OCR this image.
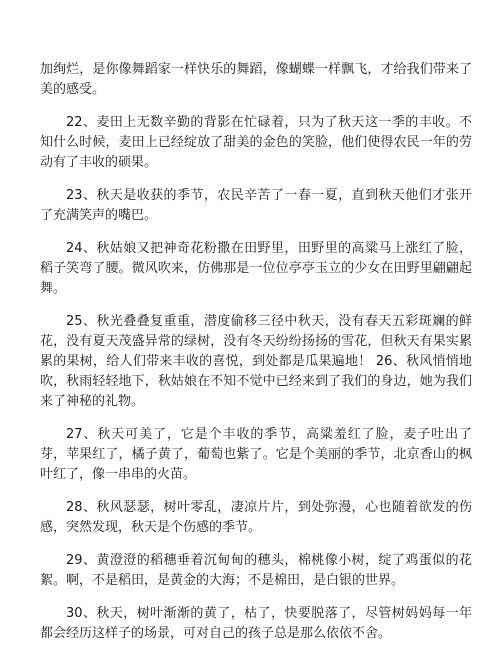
加绚烂，是你像舞蹈家一样快乐的舞蹈，像蝴蝶一样飘飞，才给我们带来了美的感受。

22、麦田上无数辛勤的背影在忙碌着，只为了秋天这一季的丰收。不知什么时候，麦田上已经绽放了甜美的金色的笑脸，他们使得农民一年的劳动有了丰收的硕果。

23、秋天是收获的季节，农民辛苦了一春一夏，直到秋天他们才张开了充满笑声的嘴巴。

24、秋姑娘又把神奇花粉撒在田野里，田野里的高粱马上涨红了脸，稻子笑弯了腰。微风吹来，仿佛那是一位位亭亭玉立的少女在田野里翩翩起舞。

25、秋光叠叠复重重，潜度偷移三径中秋天，没有春天五彩斑斓的鲜花，没有夏天茂盛异常的绿树，没有冬天纷纷扬扬的雪花，但秋天有果实累累的果树，给人们带来丰收的喜悦，到处都是瓜果遍地！ 26、秋风悄悄地吹，秋雨轻轻地下，秋姑娘在不知不觉中已经来到了我们的身边，她为我们来了神秘的礼物。

27、秋天可美了，它是个丰收的季节，高粱羞红了脸，麦子吐出了芽，苹果红了，橘子黄了，葡萄也紫了。它是个美丽的季节，北京香山的枫叶红了，像一串串的火苗。

28、秋风瑟瑟，树叶零乱，凄凉片片，到处弥漫，心也随着欲发的伤感，突然发现，秋天是个伤感的季节。

29、黄澄澄的稻穗垂着沉甸甸的穗头，棉桃像小树，绽了鸡蛋似的花絮。啊，不是稻田，是黄金的大海；不是棉田，是白银的世界。

30、秋天，树叶渐渐的黄了，枯了，快要脱落了，尽管树妈妈每一年都会经历这样子的场景，可对自己的孩子总是那么依依不舍。
